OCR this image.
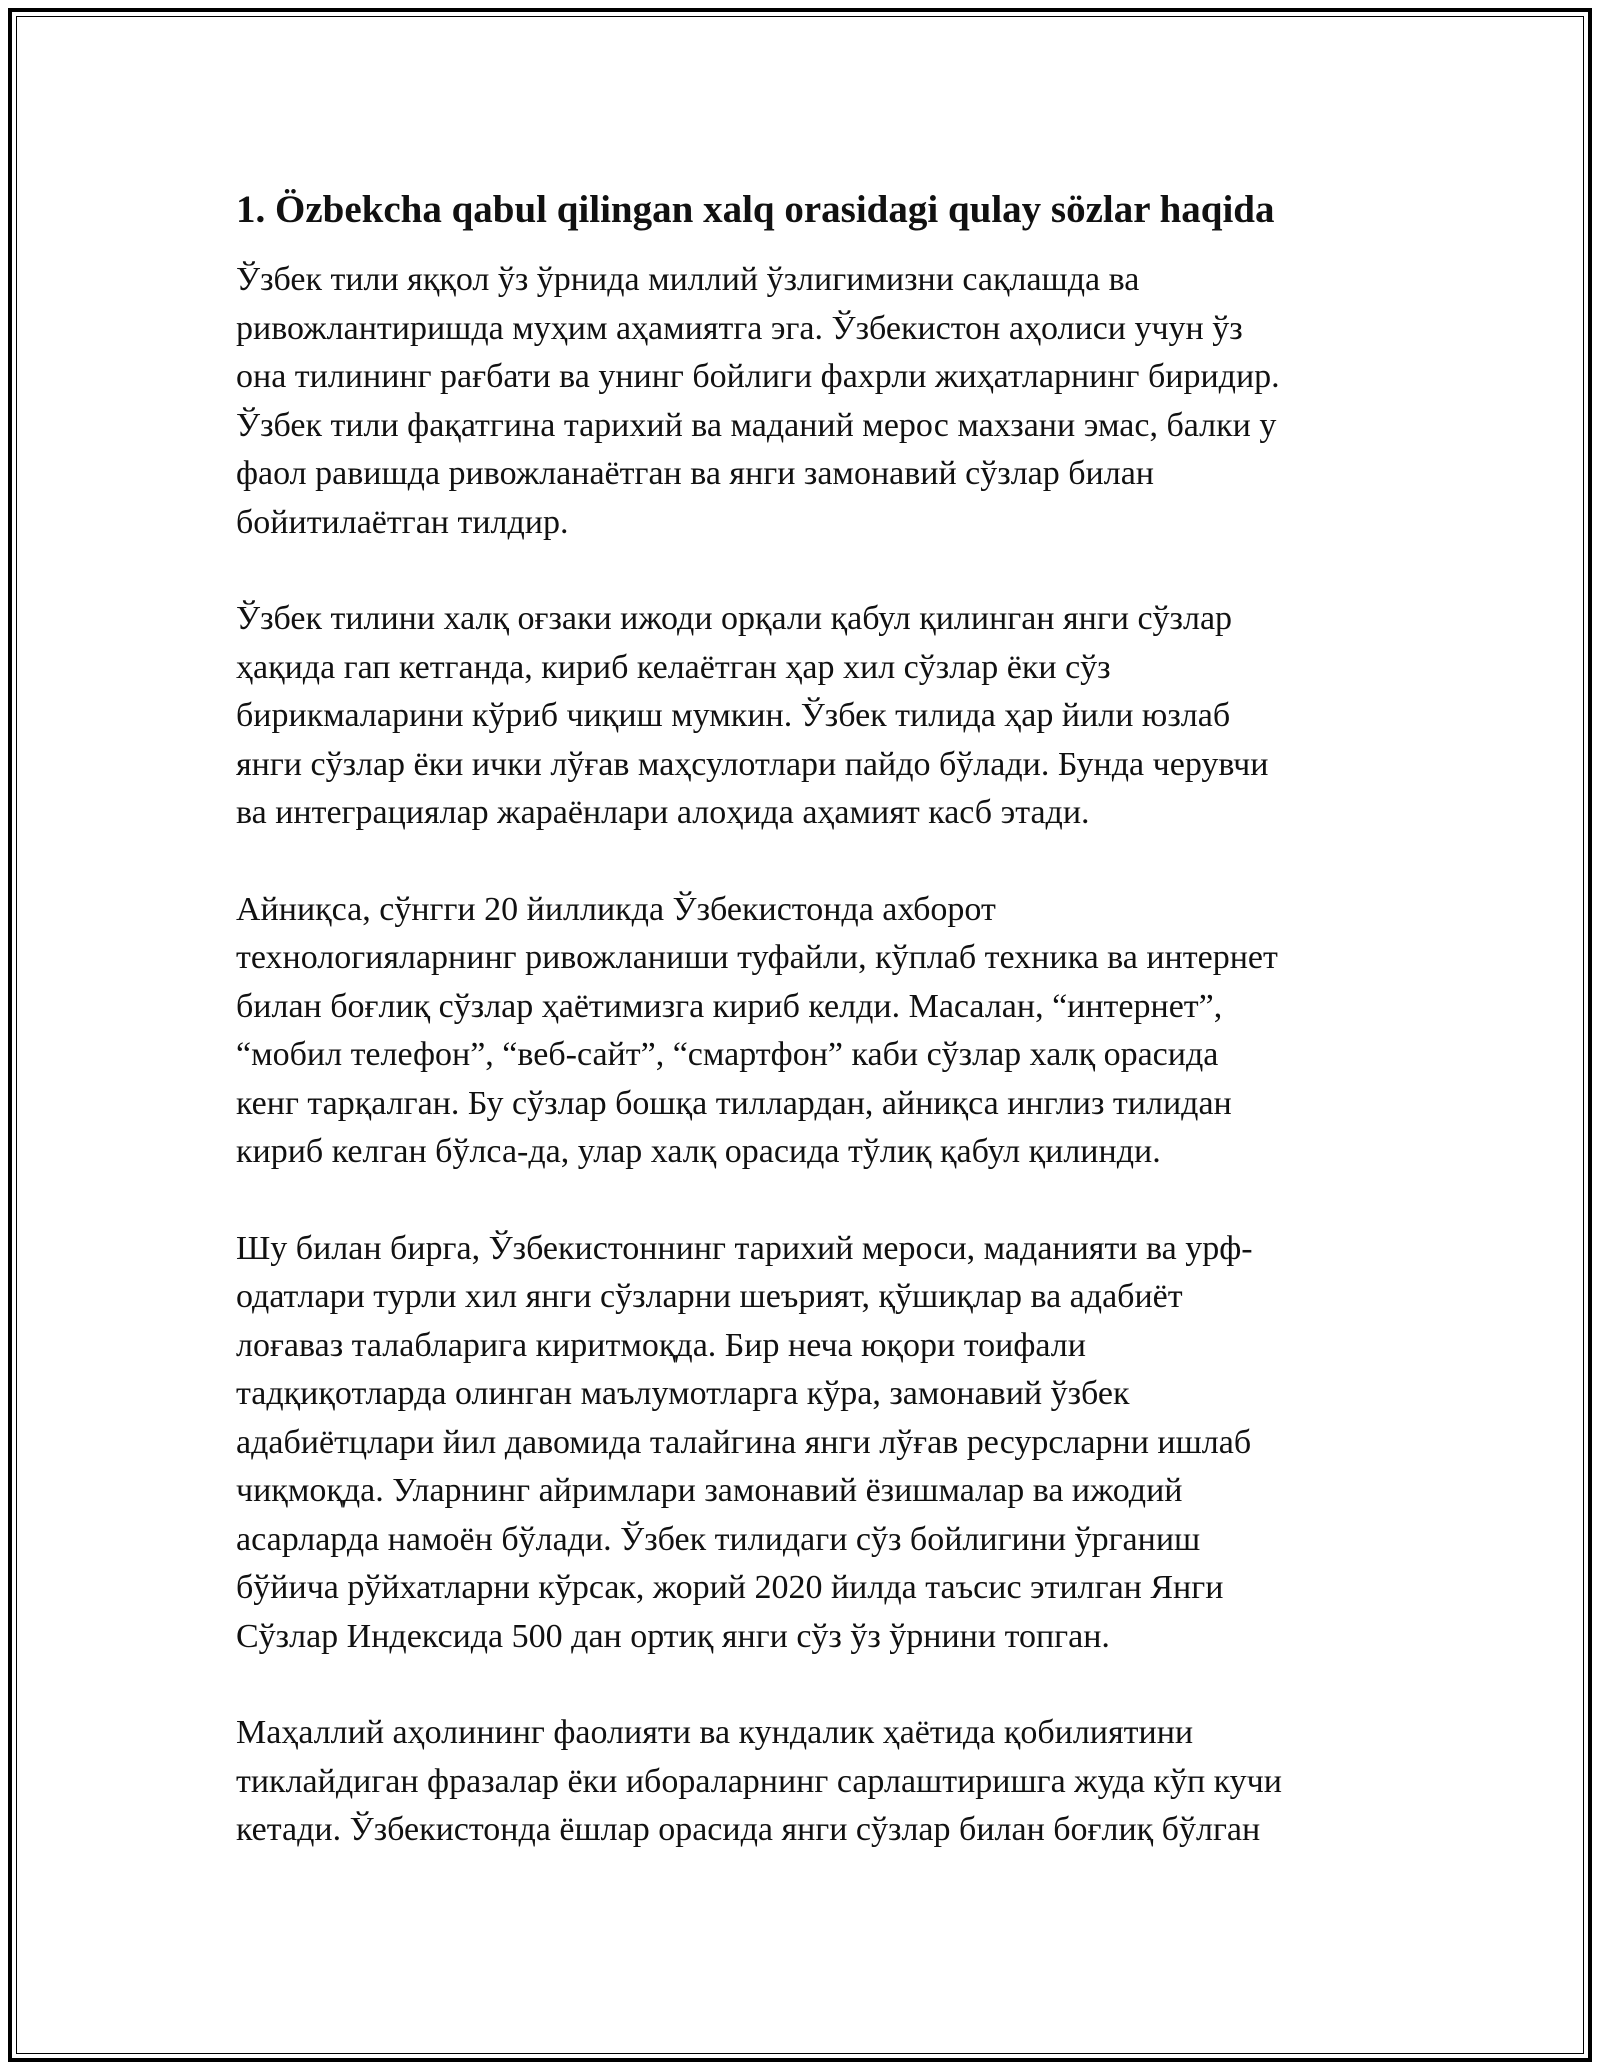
1. Özbekcha qabul qilingan xalq orasidagi qulay sözlar haqida

Ўзбек тили яққол ўз ўрнида миллий ўзлигимизни сақлашда ва
ривожлантиришда муҳим аҳамиятга эга. Ўзбекистон аҳолиси учун ўз
она тилининг рағбати ва унинг бойлиги фахрли жиҳатларнинг биридир.
Ўзбек тили фақатгина тарихий ва маданий мерос махзани эмас, балки у
фаол равишда ривожланаётган ва янги замонавий сўзлар билан
бойитилаётган тилдир.

Ўзбек тилини халқ оғзаки ижоди орқали қабул қилинган янги сўзлар
ҳақида гап кетганда, кириб келаётган ҳар хил сўзлар ёки сўз
бирикмаларини кўриб чиқиш мумкин. Ўзбек тилида ҳар йили юзлаб
янги сўзлар ёки ички лўғав маҳсулотлари пайдо бўлади. Бунда черувчи
ва интеграциялар жараёнлари алоҳида аҳамият касб этади.

Айниқса, сўнгги 20 йилликда Ўзбекистонда ахборот
технологияларнинг ривожланиши туфайли, кўплаб техника ва интернет
билан боғлиқ сўзлар ҳаётимизга кириб келди. Масалан, “интернет”,
“мобил телефон”, “веб-сайт”, “смартфон” каби сўзлар халқ орасида
кенг тарқалган. Бу сўзлар бошқа тиллардан, айниқса инглиз тилидан
кириб келган бўлса-да, улар халқ орасида тўлиқ қабул қилинди.

Шу билан бирга, Ўзбекистоннинг тарихий мероси, маданияти ва урф-
одатлари турли хил янги сўзларни шеърият, қўшиқлар ва адабиёт
лоғаваз талабларига киритмоқда. Бир неча юқори тоифали
тадқиқотларда олинган маълумотларга кўра, замонавий ўзбек
адабиётцлари йил давомида талайгина янги лўғав ресурсларни ишлаб
чиқмоқда. Уларнинг айримлари замонавий ёзишмалар ва ижодий
асарларда намоён бўлади. Ўзбек тилидаги сўз бойлигини ўрганиш
бўйича рўйхатларни кўрсак, жорий 2020 йилда таъсис этилган Янги
Сўзлар Индексида 500 дан ортиқ янги сўз ўз ўрнини топган.

Маҳаллий аҳолининг фаолияти ва кундалик ҳаётида қобилиятини
тиклайдиган фразалар ёки ибораларнинг сарлаштиришга жуда кўп кучи
кетади. Ўзбекистонда ёшлар орасида янги сўзлар билан боғлиқ бўлган
